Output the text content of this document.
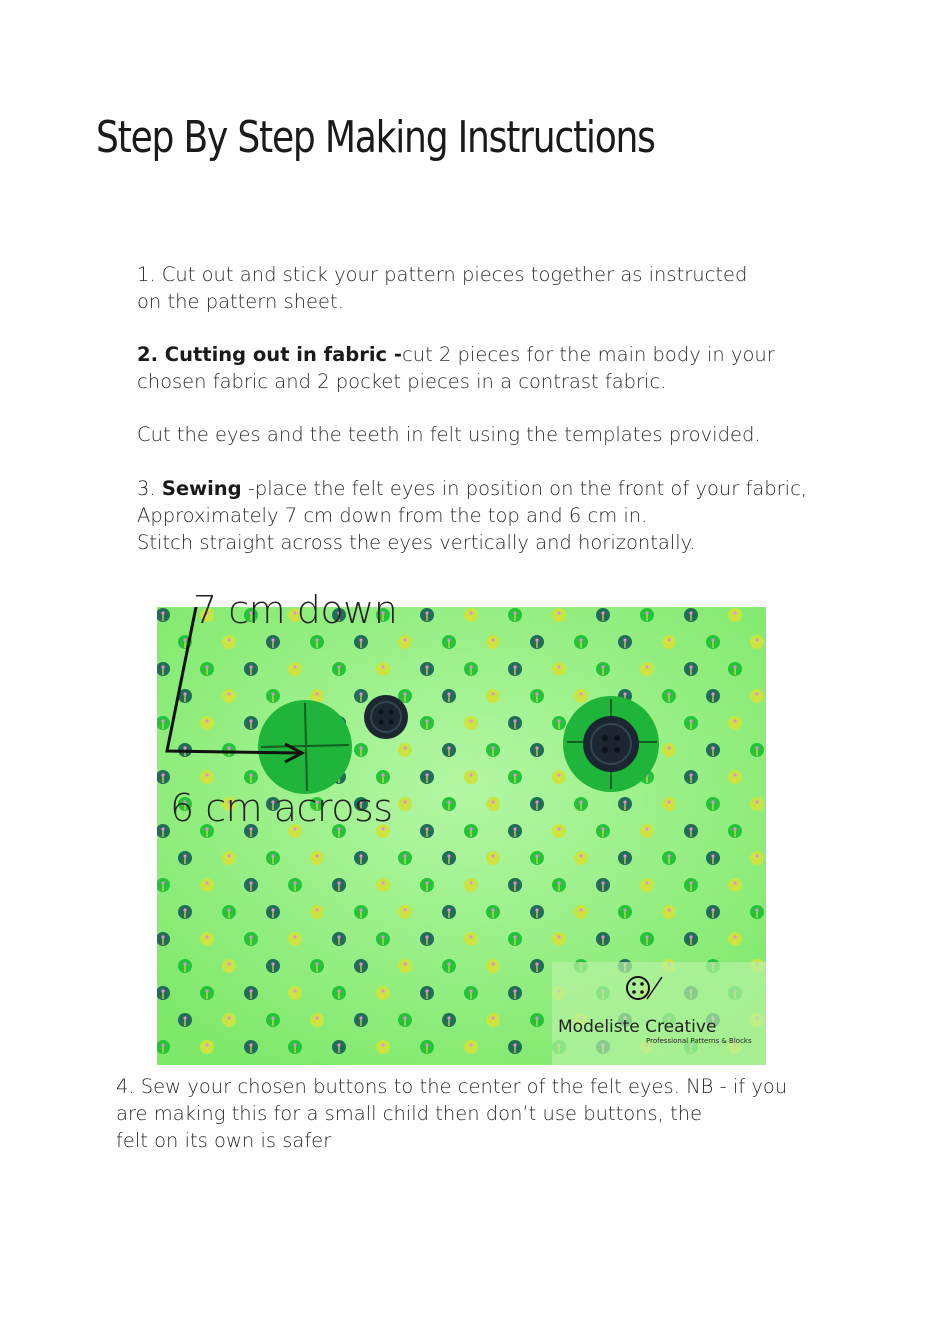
Step By Step Making Instructions

1. Cut out and stick your pattern pieces together as instructed
on the pattern sheet.

2. Cutting out in fabric -cut 2 pieces for the main body in your
chosen fabric and 2 pocket pieces in a contrast fabric.

Cut the eyes and the teeth in felt using the templates provided.

3. Sewing -place the felt eyes in position on the front of your fabric,
Approximately 7 cm down from the top and 6 cm in.
Stitch straight across the eyes vertically and horizontally.

7 cm down
6 cm across
Modeliste Creative
Professional Patterns & Blocks

4. Sew your chosen buttons to the center of the felt eyes. NB - if you
are making this for a small child then don’t use buttons, the
felt on its own is safer
